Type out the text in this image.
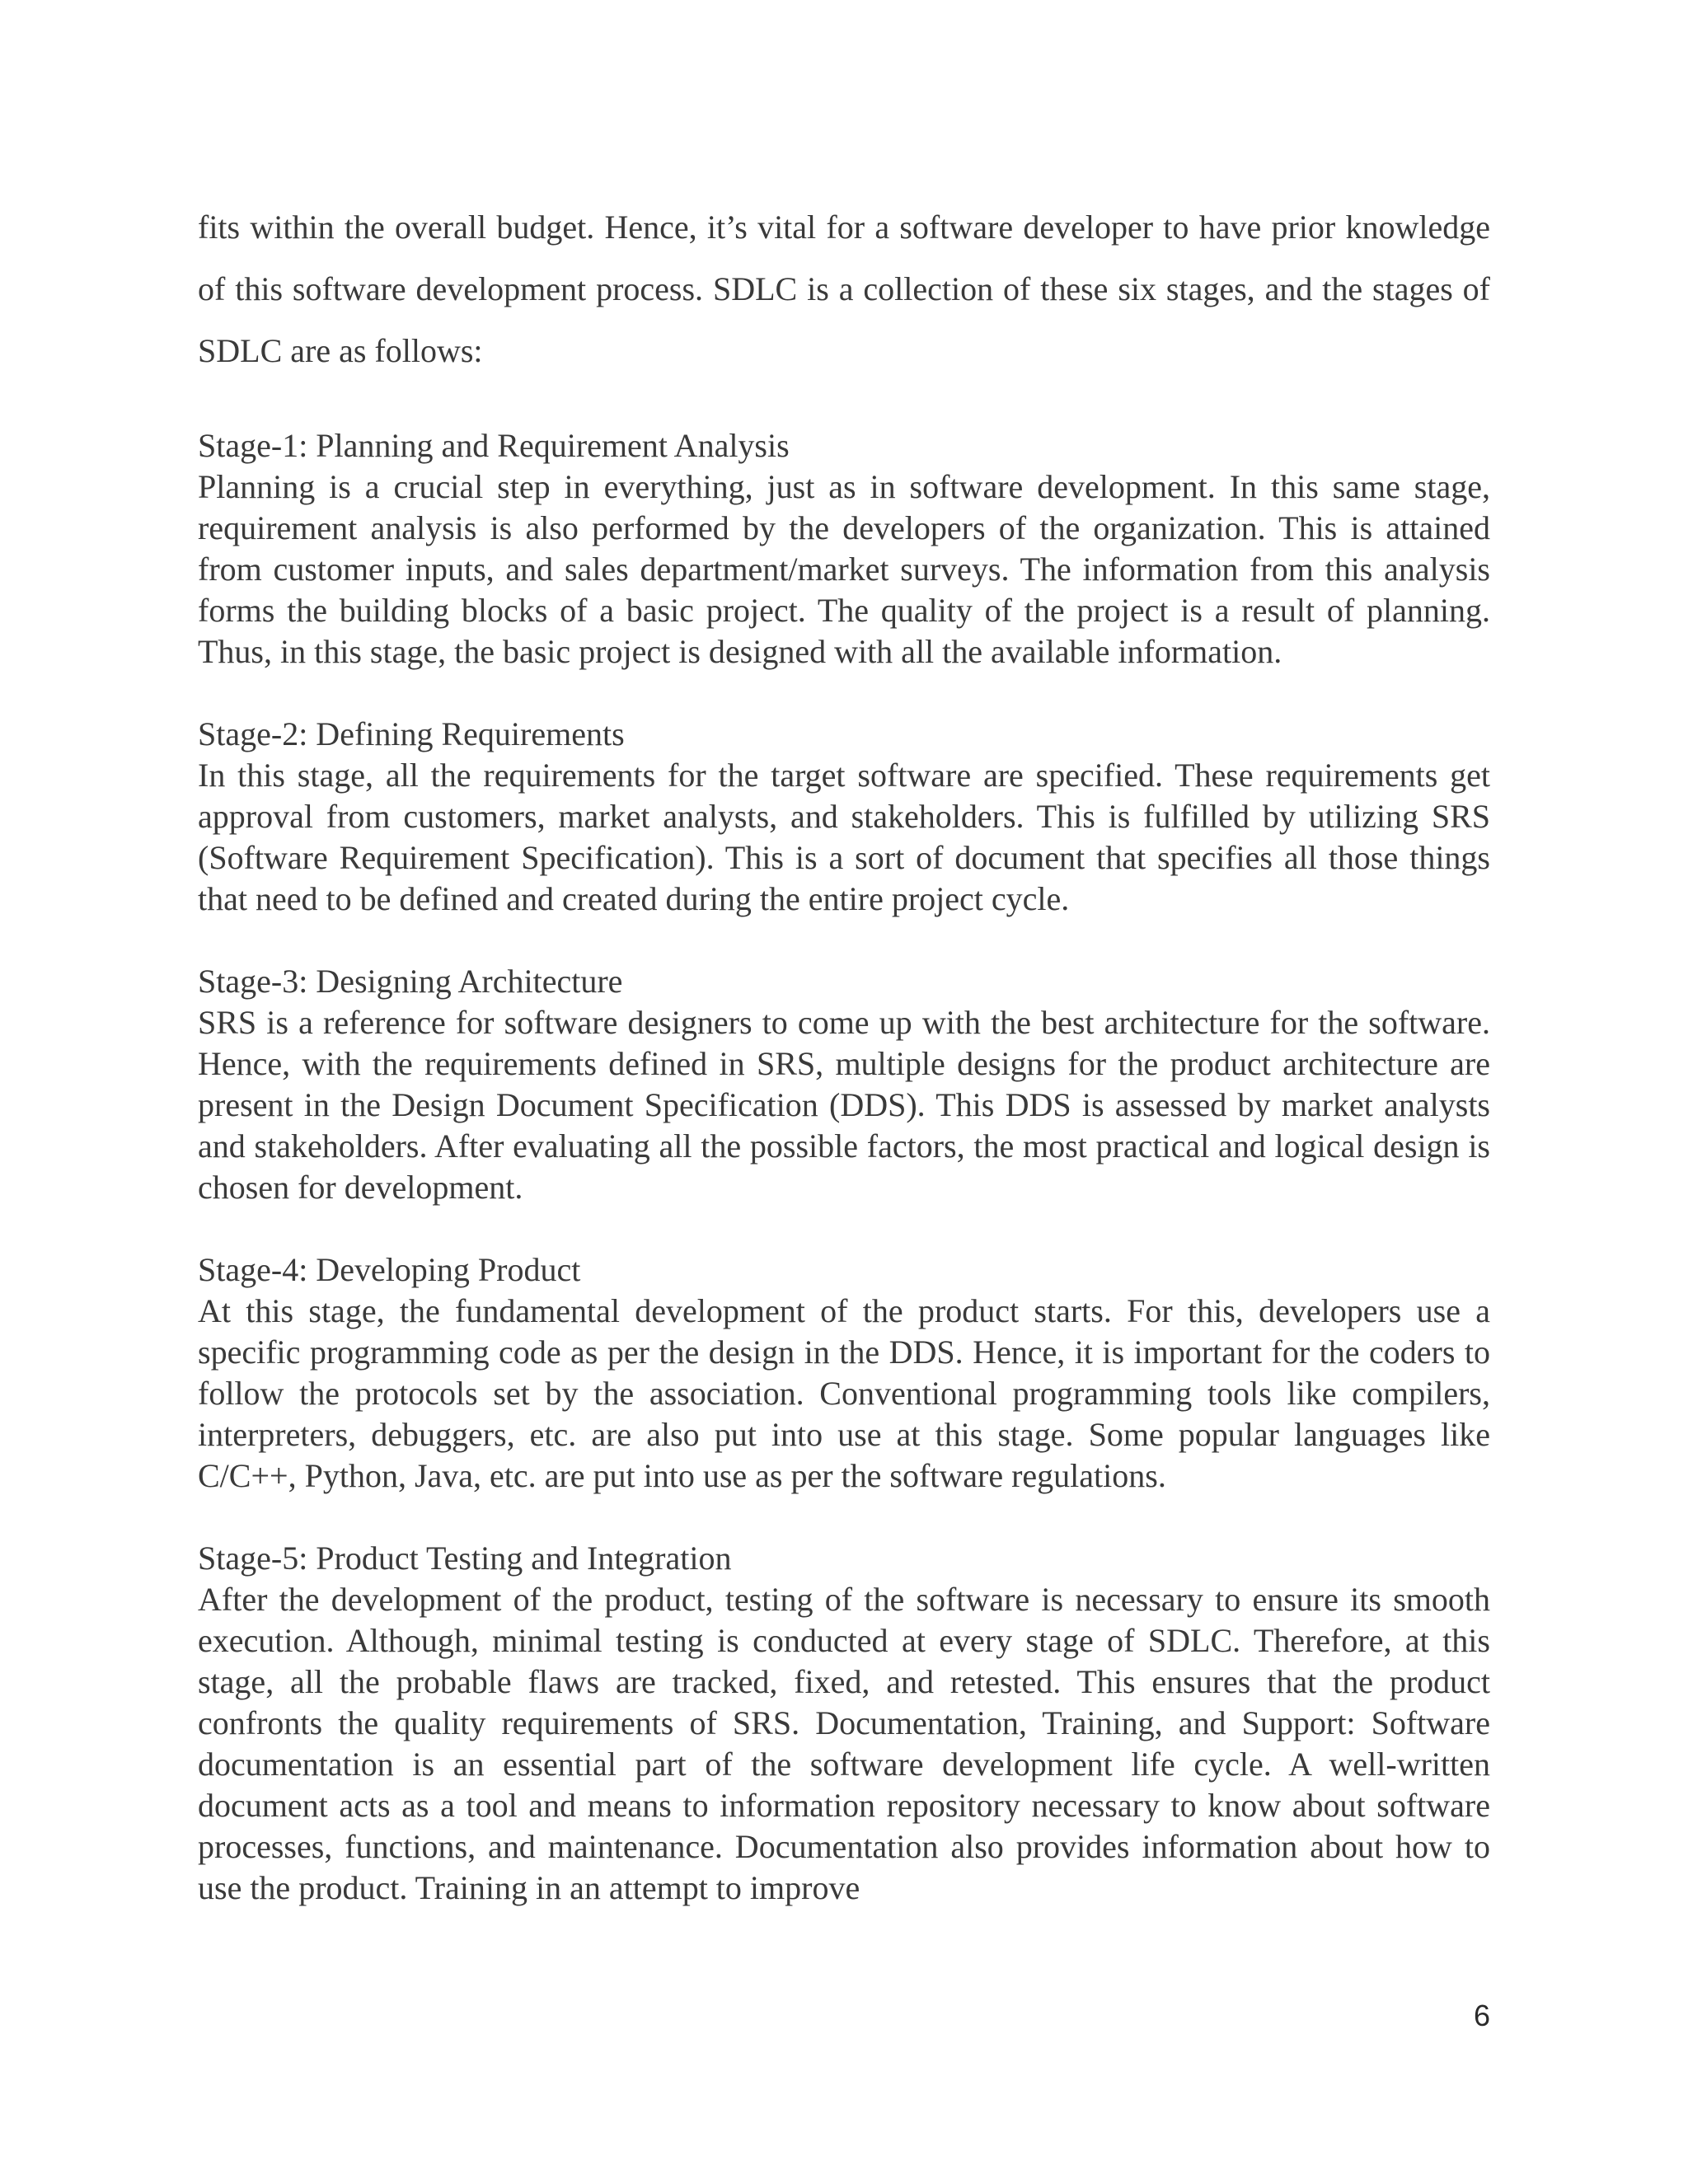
fits within the overall budget. Hence, it’s vital for a software developer to have prior knowledge of this software development process. SDLC is a collection of these six stages, and the stages of SDLC are as follows:

Stage-1: Planning and Requirement Analysis

Planning is a crucial step in everything, just as in software development. In this same stage, requirement analysis is also performed by the developers of the organization. This is attained from customer inputs, and sales department/market surveys. The information from this analysis forms the building blocks of a basic project. The quality of the project is a result of planning. Thus, in this stage, the basic project is designed with all the available information.

Stage-2: Defining Requirements

In this stage, all the requirements for the target software are specified. These requirements get approval from customers, market analysts, and stakeholders. This is fulfilled by utilizing SRS (Software Requirement Specification). This is a sort of document that specifies all those things that need to be defined and created during the entire project cycle.

Stage-3: Designing Architecture

SRS is a reference for software designers to come up with the best architecture for the software. Hence, with the requirements defined in SRS, multiple designs for the product architecture are present in the Design Document Specification (DDS). This DDS is assessed by market analysts and stakeholders. After evaluating all the possible factors, the most practical and logical design is chosen for development.

Stage-4: Developing Product

At this stage, the fundamental development of the product starts. For this, developers use a specific programming code as per the design in the DDS. Hence, it is important for the coders to follow the protocols set by the association. Conventional programming tools like compilers, interpreters, debuggers, etc. are also put into use at this stage. Some popular languages like C/C++, Python, Java, etc. are put into use as per the software regulations.

Stage-5: Product Testing and Integration

After the development of the product, testing of the software is necessary to ensure its smooth execution. Although, minimal testing is conducted at every stage of SDLC. Therefore, at this stage, all the probable flaws are tracked, fixed, and retested. This ensures that the product confronts the quality requirements of SRS. Documentation, Training, and Support: Software documentation is an essential part of the software development life cycle. A well-written document acts as a tool and means to information repository necessary to know about software processes, functions, and maintenance. Documentation also provides information about how to use the product. Training in an attempt to improve

6
